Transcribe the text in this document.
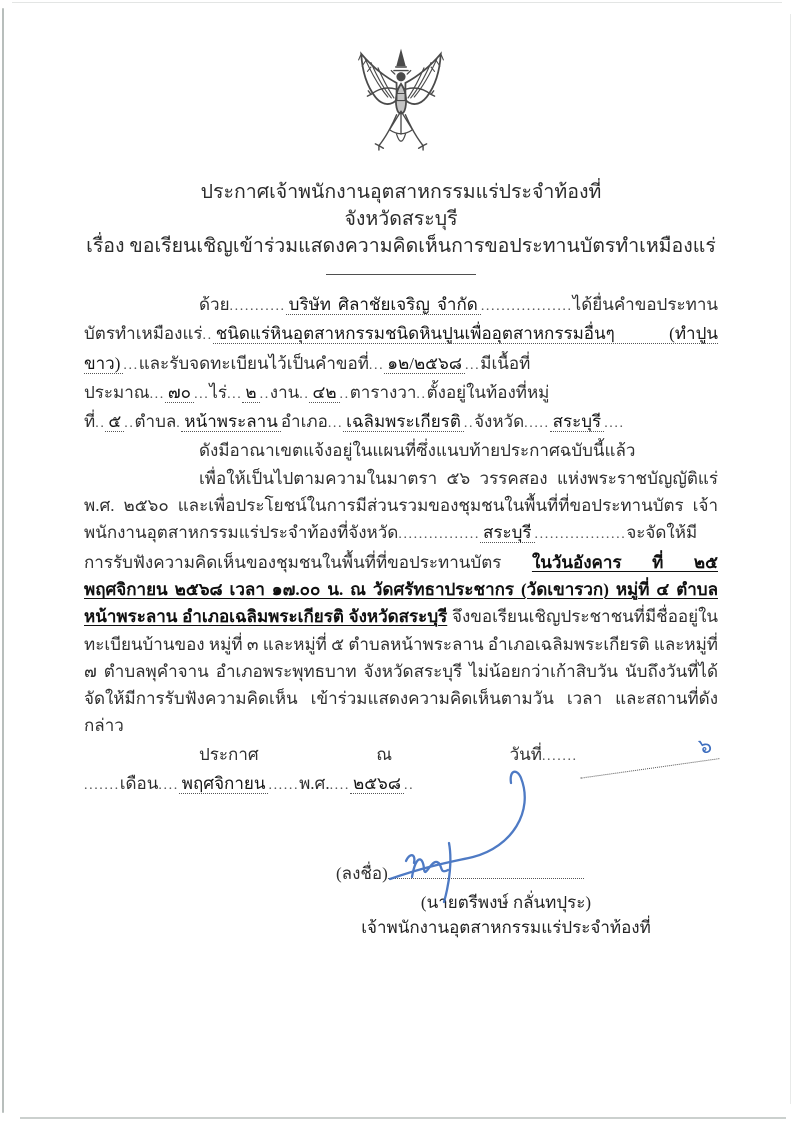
ประกาศเจ้าพนักงานอุตสาหกรรมแร่ประจำท้องที่
จังหวัดสระบุรี
เรื่อง ขอเรียนเชิญเข้าร่วมแสดงความคิดเห็นการขอประทานบัตรทำเหมืองแร่

ด้วย........... บริษัท ศิลาชัยเจริญ จำกัด ..................ได้ยื่นคำขอประทานบัตรทำเหมืองแร่.. ชนิดแร่หินอุตสาหกรรมชนิดหินปูนเพื่ออุตสาหกรรมอื่นๆ (ทำปูนขาว) ...และรับจดทะเบียนไว้เป็นคำขอที่... ๑๒/๒๕๖๘ ...มีเนื้อที่ประมาณ... ๗๐ ...ไร่... ๒ ..งาน.. ๔๒ ..ตารางวา..ตั้งอยู่ในท้องที่หมู่ที่.. ๕ ..ตำบล. หน้าพระลาน อำเภอ... เฉลิมพระเกียรติ ..จังหวัด..... สระบุรี ....

ดังมีอาณาเขตแจ้งอยู่ในแผนที่ซึ่งแนบท้ายประกาศฉบับนี้แล้ว

เพื่อให้เป็นไปตามความในมาตรา ๕๖ วรรคสอง แห่งพระราชบัญญัติแร่ พ.ศ. ๒๕๖๐ และเพื่อประโยชน์ในการมีส่วนรวมของชุมชนในพื้นที่ที่ขอประทานบัตร เจ้าพนักงานอุตสาหกรรมแร่ประจำท้องที่จังหวัด................ สระบุรี ..................จะจัดให้มีการรับฟังความคิดเห็นของชุมชนในพื้นที่ที่ขอประทานบัตร ในวันอังคาร ที่ ๒๕ พฤศจิกายน ๒๕๖๘ เวลา ๑๗.๐๐ น. ณ วัดศรัทธาประชากร (วัดเขารวก) หมู่ที่ ๔ ตำบลหน้าพระลาน อำเภอเฉลิมพระเกียรติ จังหวัดสระบุรี จึงขอเรียนเชิญประชาชนที่มีชื่ออยู่ในทะเบียนบ้านของ หมู่ที่ ๓ และหมู่ที่ ๕ ตำบลหน้าพระลาน อำเภอเฉลิมพระเกียรติ และหมู่ที่ ๗ ตำบลพุคำจาน อำเภอพระพุทธบาท จังหวัดสระบุรี ไม่น้อยกว่าเก้าสิบวัน นับถึงวันที่ได้จัดให้มีการรับฟังความคิดเห็น เข้าร่วมแสดงความคิดเห็นตามวัน เวลา และสถานที่ดังกล่าว

ประกาศ ณ วันที่.......	๖.......เดือน.... พฤศจิกายน ......พ.ศ..... ๒๕๖๘ ..

(ลงชื่อ)
(นายตรีพงษ์ กลั่นทปุระ)
เจ้าพนักงานอุตสาหกรรมแร่ประจำท้องที่
